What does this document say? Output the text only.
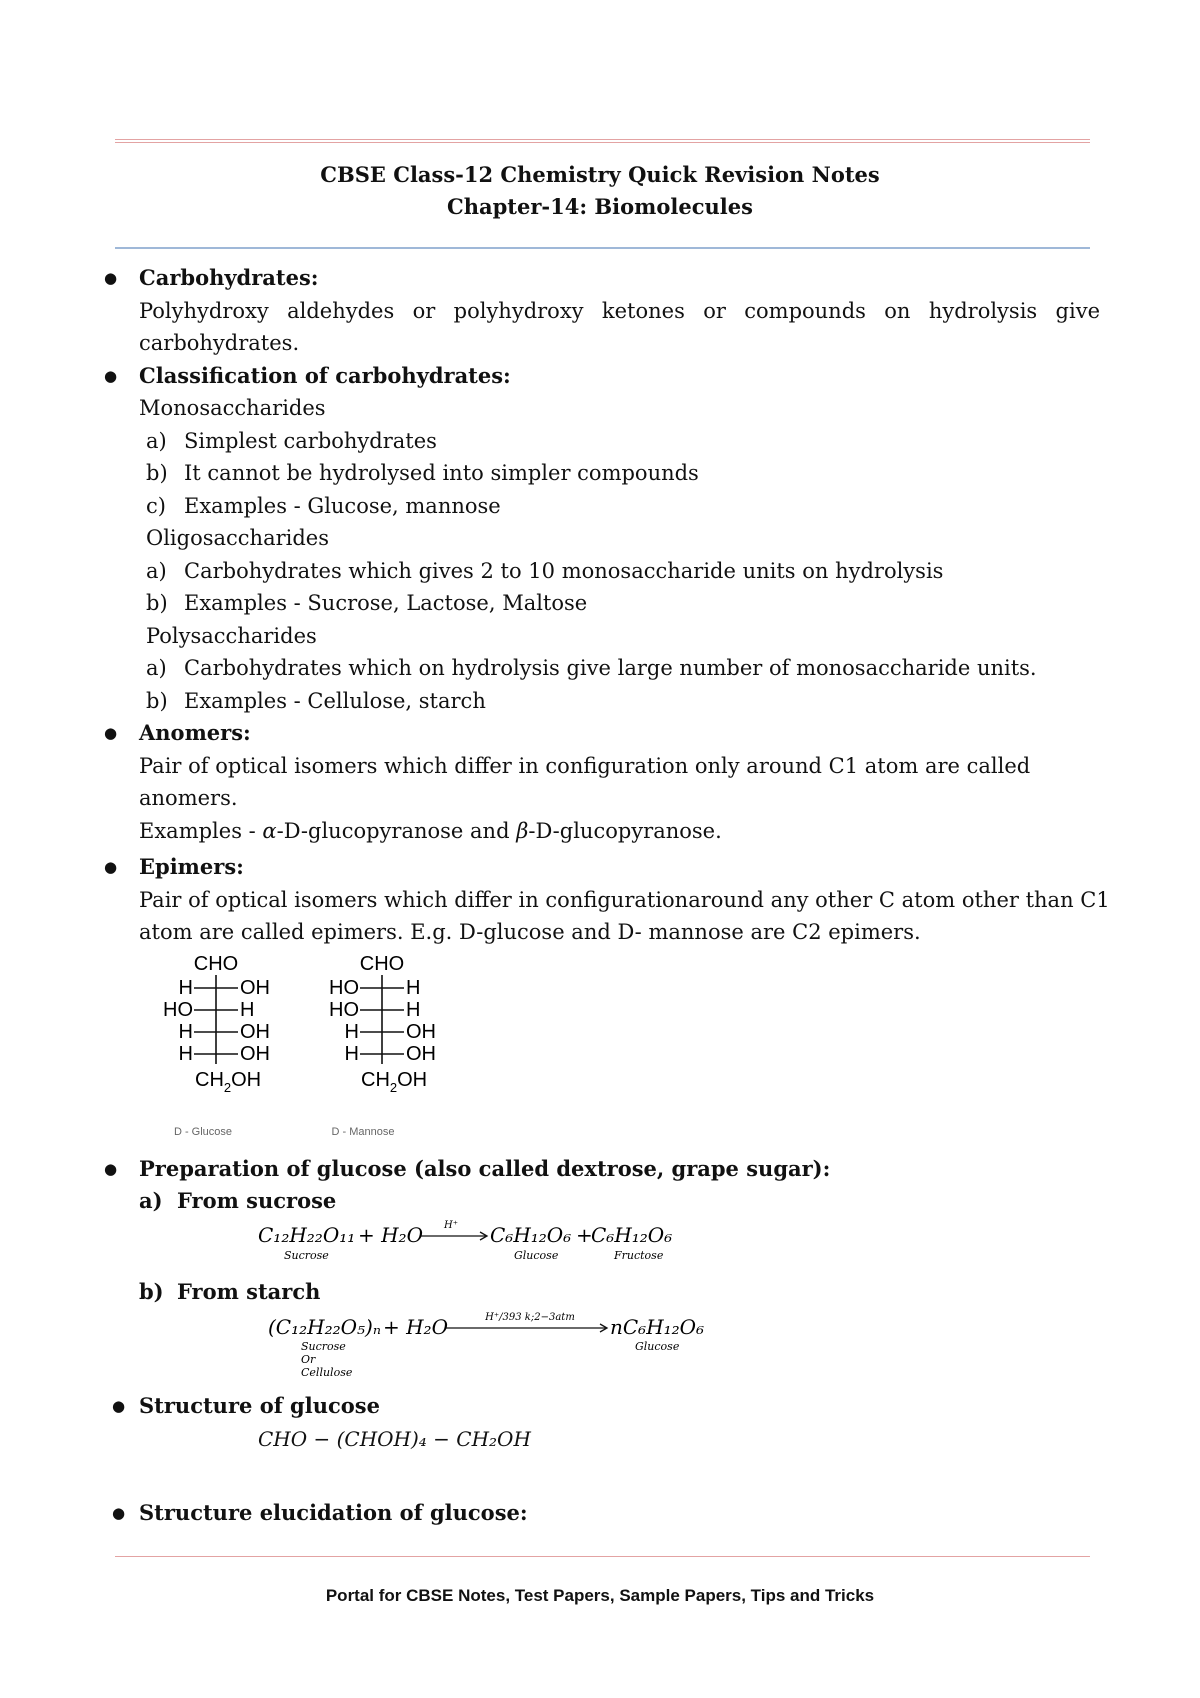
CBSE Class-12 Chemistry Quick Revision Notes
Chapter-14: Biomolecules
● Carbohydrates:
Polyhydroxy aldehydes or polyhydroxy ketones or compounds on hydrolysis give carbohydrates.
● Classification of carbohydrates:
Monosaccharides
a) Simplest carbohydrates
b) It cannot be hydrolysed into simpler compounds
c) Examples - Glucose, mannose
Oligosaccharides
a) Carbohydrates which gives 2 to 10 monosaccharide units on hydrolysis
b) Examples - Sucrose, Lactose, Maltose
Polysaccharides
a) Carbohydrates which on hydrolysis give large number of monosaccharide units.
b) Examples - Cellulose, starch
● Anomers:
Pair of optical isomers which differ in configuration only around C1 atom are called anomers.
Examples - α-D-glucopyranose and β-D-glucopyranose.
● Epimers:
Pair of optical isomers which differ in configurationaround any other C atom other than C1
atom are called epimers. E.g. D-glucose and D- mannose are C2 epimers.
CHO
H OH
HO H
H OH
H OH
$CH_2OH$
D - Glucose
CHO
HO H
HO H
H OH
H OH
$CH_2OH$
D - Mannose
● Preparation of glucose (also called dextrose, grape sugar):
a) From sucrose
C₁₂H₂₂O₁₁ + H₂O H⁺ C₆H₁₂O₆ +
C₆H₁₂O₆
Sucrose	Glucose	Fructose
b) From starch
(C₁₂H₂₂O₅)ₙ + H₂O	H⁺/393 k;2−3atm nC₆H₁₂O₆
Sucrose
Or
Cellulose
Glucose
● Structure of glucose
CHO − (CHOH)₄ − CH₂OH
● Structure elucidation of glucose:
Portal for CBSE Notes, Test Papers, Sample Papers, Tips and Tricks
